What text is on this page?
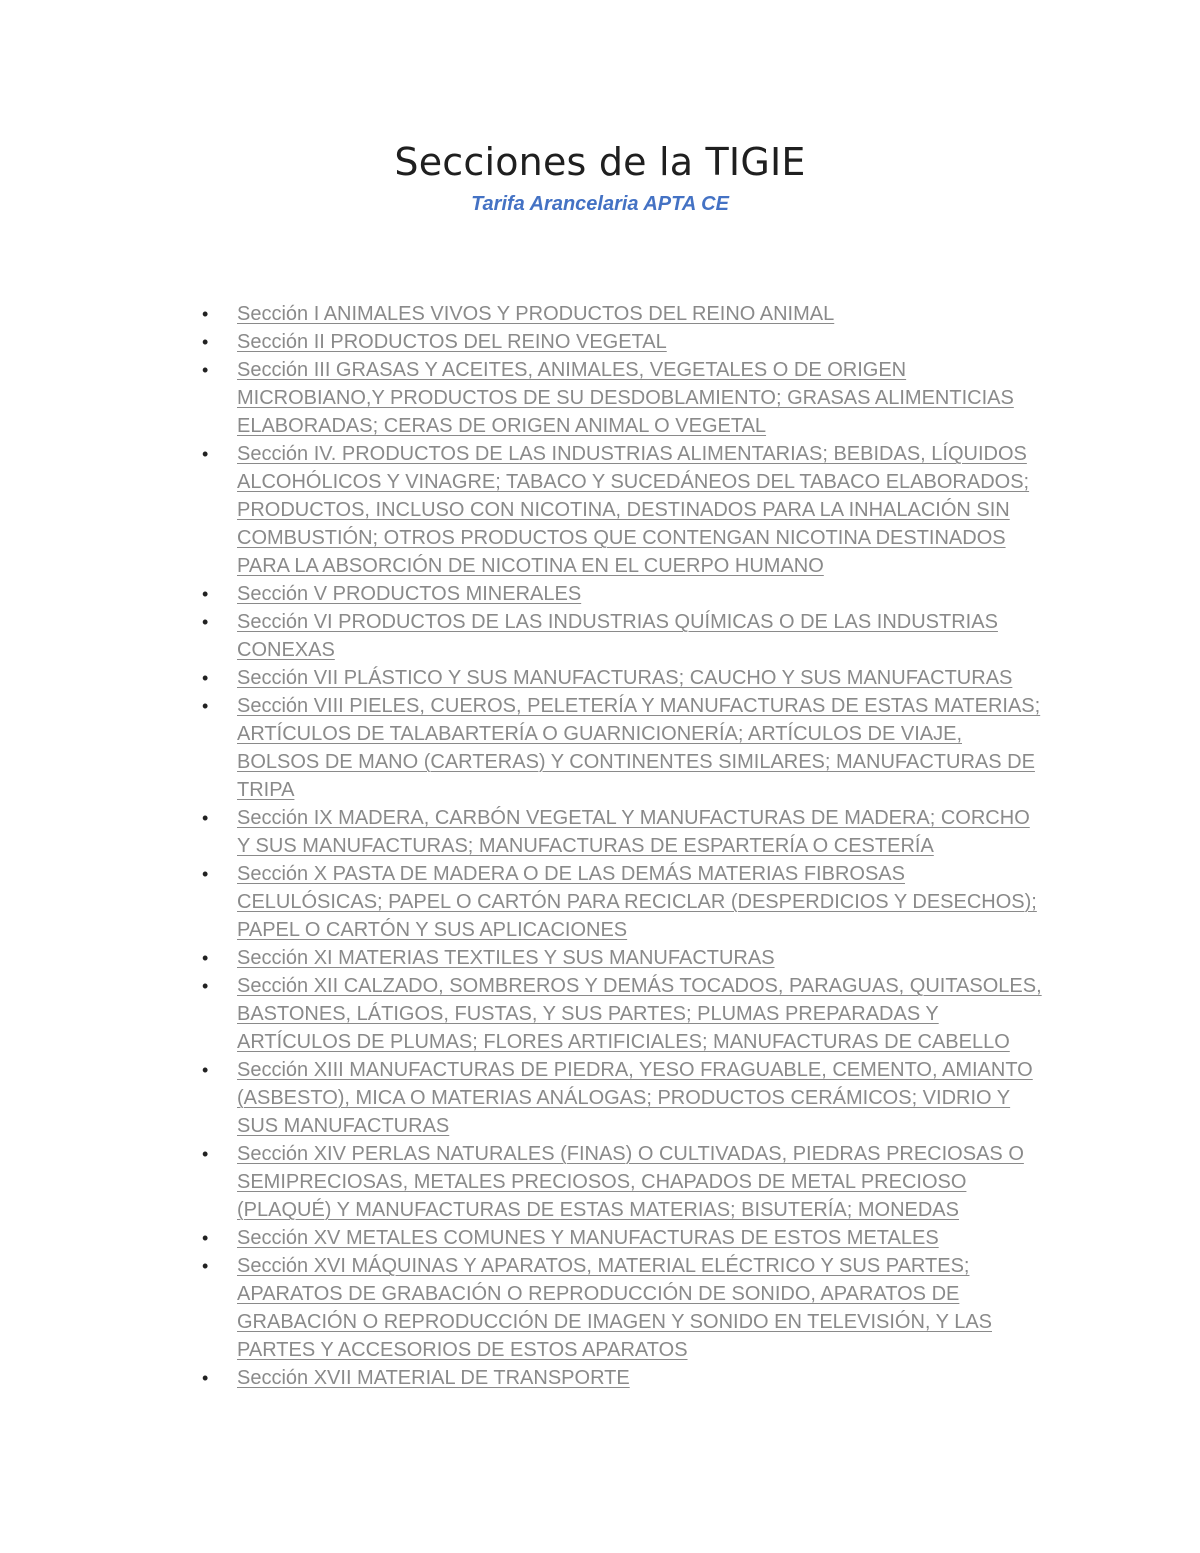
Secciones de la TIGIE

Tarifa Arancelaria APTA CE

•	Sección I ANIMALES VIVOS Y PRODUCTOS DEL REINO ANIMAL
•	Sección II PRODUCTOS DEL REINO VEGETAL
•	Sección III GRASAS Y ACEITES, ANIMALES, VEGETALES O DE ORIGEN MICROBIANO,Y PRODUCTOS DE SU DESDOBLAMIENTO; GRASAS ALIMENTICIAS ELABORADAS; CERAS DE ORIGEN ANIMAL O VEGETAL
•	Sección IV. PRODUCTOS DE LAS INDUSTRIAS ALIMENTARIAS; BEBIDAS, LÍQUIDOS ALCOHÓLICOS Y VINAGRE; TABACO Y SUCEDÁNEOS DEL TABACO ELABORADOS; PRODUCTOS, INCLUSO CON NICOTINA, DESTINADOS PARA LA INHALACIÓN SIN COMBUSTIÓN; OTROS PRODUCTOS QUE CONTENGAN NICOTINA DESTINADOS PARA LA ABSORCIÓN DE NICOTINA EN EL CUERPO HUMANO
•	Sección V PRODUCTOS MINERALES
•	Sección VI PRODUCTOS DE LAS INDUSTRIAS QUÍMICAS O DE LAS INDUSTRIAS CONEXAS
•	Sección VII PLÁSTICO Y SUS MANUFACTURAS; CAUCHO Y SUS MANUFACTURAS
•	Sección VIII PIELES, CUEROS, PELETERÍA Y MANUFACTURAS DE ESTAS MATERIAS; ARTÍCULOS DE TALABARTERÍA O GUARNICIONERÍA; ARTÍCULOS DE VIAJE, BOLSOS DE MANO (CARTERAS) Y CONTINENTES SIMILARES; MANUFACTURAS DE TRIPA
•	Sección IX MADERA, CARBÓN VEGETAL Y MANUFACTURAS DE MADERA; CORCHO Y SUS MANUFACTURAS; MANUFACTURAS DE ESPARTERÍA O CESTERÍA
•	Sección X PASTA DE MADERA O DE LAS DEMÁS MATERIAS FIBROSAS CELULÓSICAS; PAPEL O CARTÓN PARA RECICLAR (DESPERDICIOS Y DESECHOS); PAPEL O CARTÓN Y SUS APLICACIONES
•	Sección XI MATERIAS TEXTILES Y SUS MANUFACTURAS
•	Sección XII CALZADO, SOMBREROS Y DEMÁS TOCADOS, PARAGUAS, QUITASOLES, BASTONES, LÁTIGOS, FUSTAS, Y SUS PARTES; PLUMAS PREPARADAS Y ARTÍCULOS DE PLUMAS; FLORES ARTIFICIALES; MANUFACTURAS DE CABELLO
•	Sección XIII MANUFACTURAS DE PIEDRA, YESO FRAGUABLE, CEMENTO, AMIANTO (ASBESTO), MICA O MATERIAS ANÁLOGAS; PRODUCTOS CERÁMICOS; VIDRIO Y SUS MANUFACTURAS
•	Sección XIV PERLAS NATURALES (FINAS) O CULTIVADAS, PIEDRAS PRECIOSAS O SEMIPRECIOSAS, METALES PRECIOSOS, CHAPADOS DE METAL PRECIOSO (PLAQUÉ) Y MANUFACTURAS DE ESTAS MATERIAS; BISUTERÍA; MONEDAS
•	Sección XV METALES COMUNES Y MANUFACTURAS DE ESTOS METALES
•	Sección XVI MÁQUINAS Y APARATOS, MATERIAL ELÉCTRICO Y SUS PARTES; APARATOS DE GRABACIÓN O REPRODUCCIÓN DE SONIDO, APARATOS DE GRABACIÓN O REPRODUCCIÓN DE IMAGEN Y SONIDO EN TELEVISIÓN, Y LAS PARTES Y ACCESORIOS DE ESTOS APARATOS
•	Sección XVII MATERIAL DE TRANSPORTE
